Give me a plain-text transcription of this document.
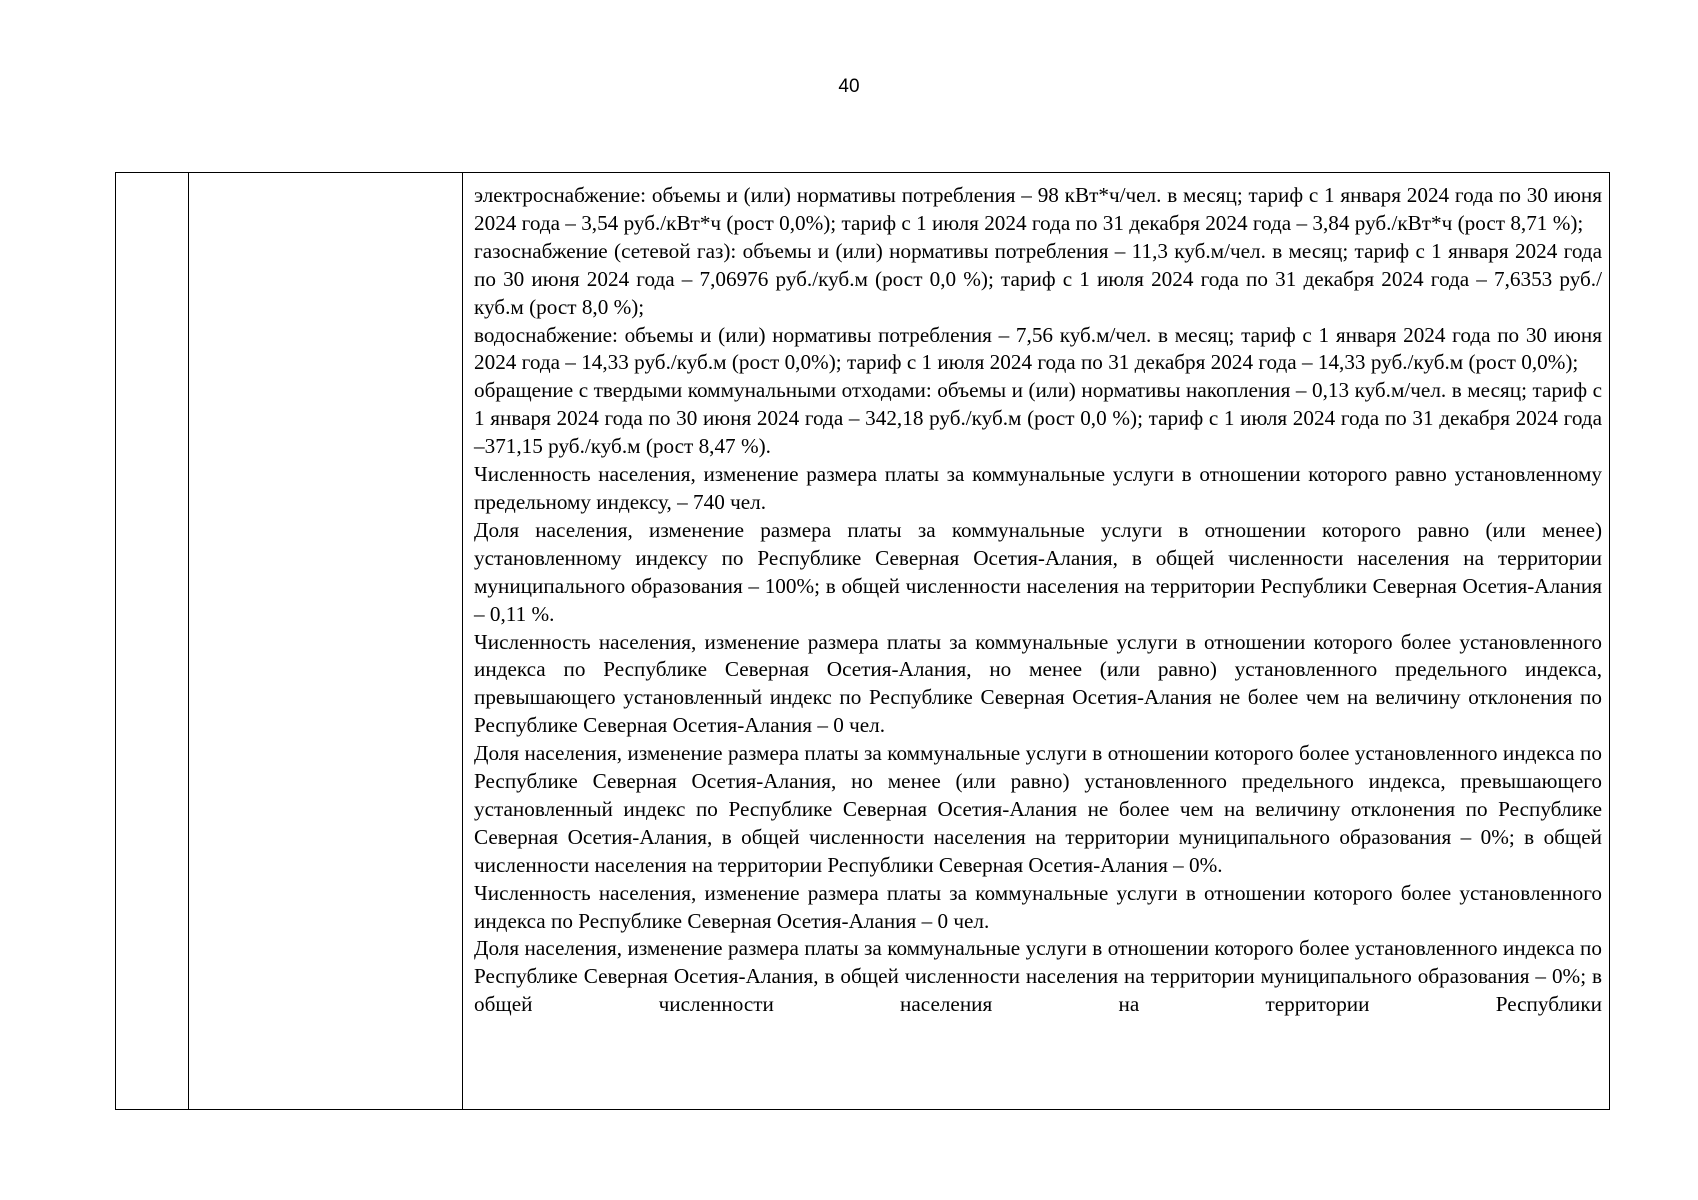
40

электроснабжение: объемы и (или) нормативы потребления – 98 кВт*ч/чел. в месяц; тариф с 1 января 2024 года по 30 июня 2024 года – 3,54 руб./кВт*ч (рост 0,0%); тариф с 1 июля 2024 года по 31 декабря 2024 года – 3,84 руб./кВт*ч (рост 8,71 %);

газоснабжение (сетевой газ): объемы и (или) нормативы потребления – 11,3 куб.м/чел. в месяц; тариф с 1 января 2024 года по 30 июня 2024 года – 7,06976 руб./куб.м (рост 0,0 %); тариф с 1 июля 2024 года по 31 декабря 2024 года – 7,6353 руб./куб.м (рост 8,0 %);

водоснабжение: объемы и (или) нормативы потребления – 7,56 куб.м/чел. в месяц; тариф с 1 января 2024 года по 30 июня 2024 года – 14,33 руб./куб.м (рост 0,0%); тариф с 1 июля 2024 года по 31 декабря 2024 года – 14,33 руб./куб.м (рост 0,0%);

обращение с твердыми коммунальными отходами: объемы и (или) нормативы накопления – 0,13 куб.м/чел. в месяц; тариф с 1 января 2024 года по 30 июня 2024 года – 342,18 руб./куб.м (рост 0,0 %); тариф с 1 июля 2024 года по 31 декабря 2024 года –371,15 руб./куб.м (рост 8,47 %).

Численность населения, изменение размера платы за коммунальные услуги в отношении которого равно установленному предельному индексу, – 740 чел.

Доля населения, изменение размера платы за коммунальные услуги в отношении которого равно (или менее) установленному индексу по Республике Северная Осетия-Алания, в общей численности населения на территории муниципального образования – 100%; в общей численности населения на территории Республики Северная Осетия-Алания – 0,11 %.

Численность населения, изменение размера платы за коммунальные услуги в отношении которого более установленного индекса по Республике Северная Осетия-Алания, но менее (или равно) установленного предельного индекса, превышающего установленный индекс по Республике Северная Осетия-Алания не более чем на величину отклонения по Республике Северная Осетия-Алания – 0 чел.

Доля населения, изменение размера платы за коммунальные услуги в отношении которого более установленного индекса по Республике Северная Осетия-Алания, но менее (или равно) установленного предельного индекса, превышающего установленный индекс по Республике Северная Осетия-Алания не более чем на величину отклонения по Республике Северная Осетия-Алания, в общей численности населения на территории муниципального образования – 0%; в общей численности населения на территории Республики Северная Осетия-Алания – 0%.

Численность населения, изменение размера платы за коммунальные услуги в отношении которого более установленного индекса по Республике Северная Осетия-Алания – 0 чел.

Доля населения, изменение размера платы за коммунальные услуги в отношении которого более установленного индекса по Республике Северная Осетия-Алания, в общей численности населения на территории муниципального образования – 0%; в общей численности населения на территории Республики
